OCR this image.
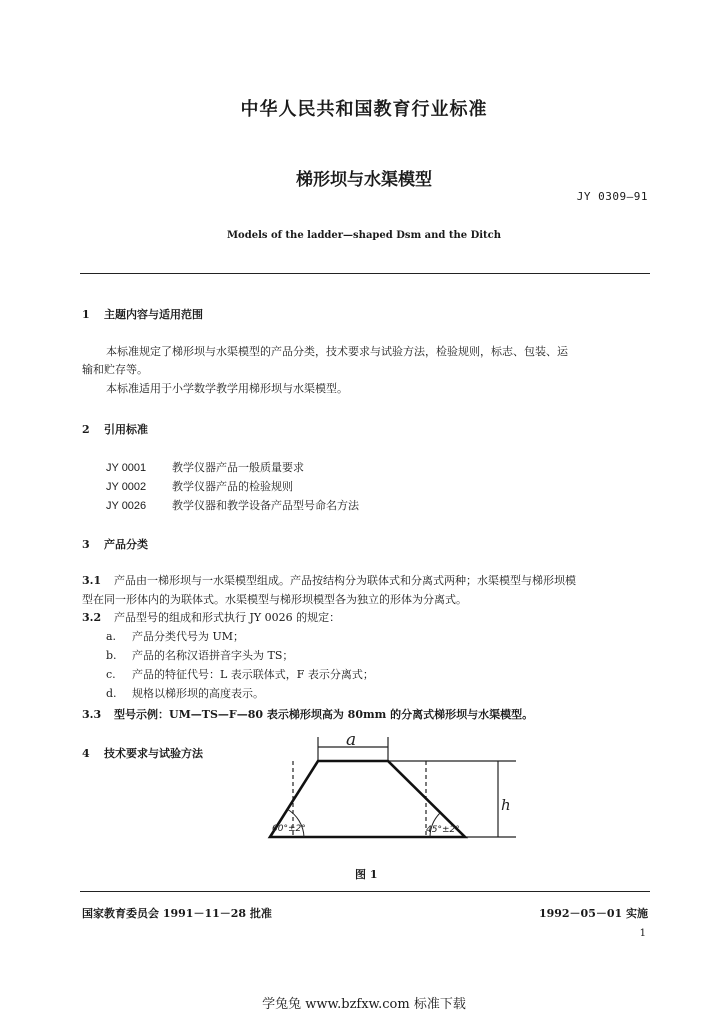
中华人民共和国教育行业标准
梯形坝与水渠模型
JY 0309—91
Models of the ladder—shaped Dsm and the Ditch
1 主题内容与适用范围
本标准规定了梯形坝与水渠模型的产品分类，技术要求与试验方法，检验规则，标志、包装、运
输和贮存等。
本标准适用于小学数学教学用梯形坝与水渠模型。
2 引用标准
JY 0001 教学仪器产品一般质量要求
JY 0002 教学仪器产品的检验规则
JY 0026 教学仪器和教学设备产品型号命名方法
3 产品分类
3.1 产品由一梯形坝与一水渠模型组成。产品按结构分为联体式和分离式两种；水渠模型与梯形坝模
型在同一形体内的为联体式。水渠模型与梯形坝模型各为独立的形体为分离式。
3.2 产品型号的组成和形式执行 JY 0026 的规定：
a. 产品分类代号为 UM；
b. 产品的名称汉语拼音字头为 TS；
c. 产品的特征代号：L 表示联体式，F 表示分离式；
d. 规格以梯形坝的高度表示。
3.3 型号示例：UM—TS—F—80 表示梯形坝高为 80mm 的分离式梯形坝与水渠模型。
4 技术要求与试验方法
a
h
60°±2°	45°±2°
图 1
国家教育委员会 1991－11－28 批准	1992－05－01 实施
1
学兔兔 www.bzfxw.com 标准下载
